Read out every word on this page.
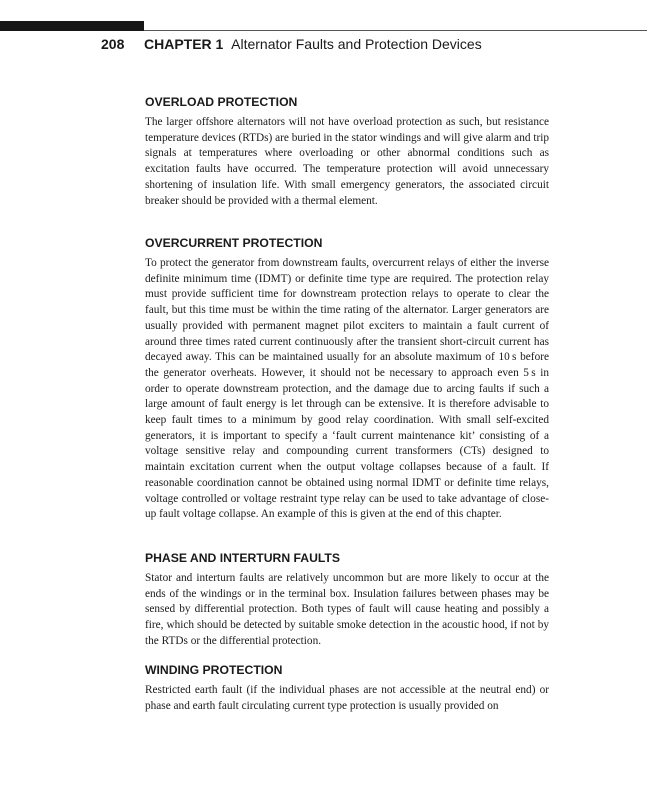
208 CHAPTER 1 Alternator Faults and Protection Devices
OVERLOAD PROTECTION

The larger offshore alternators will not have overload protection as such, but resistance temperature devices (RTDs) are buried in the stator windings and will give alarm and trip signals at temperatures where overloading or other abnormal conditions such as excitation faults have occurred. The temperature protection will avoid unnecessary shortening of insulation life. With small emergency generators, the associated circuit breaker should be provided with a thermal element.

OVERCURRENT PROTECTION

To protect the generator from downstream faults, overcurrent relays of either the inverse definite minimum time (IDMT) or definite time type are required. The protection relay must provide sufficient time for downstream protection relays to operate to clear the fault, but this time must be within the time rating of the alternator. Larger generators are usually provided with permanent magnet pilot exciters to maintain a fault current of around three times rated current continuously after the transient short-circuit current has decayed away. This can be maintained usually for an absolute maximum of 10 s before the generator overheats. However, it should not be necessary to approach even 5 s in order to operate downstream protection, and the damage due to arcing faults if such a large amount of fault energy is let through can be extensive. It is therefore advisable to keep fault times to a minimum by good relay coordination. With small self-excited generators, it is important to specify a ‘fault current maintenance kit’ consisting of a voltage sensitive relay and compounding current transformers (CTs) designed to maintain excitation current when the output voltage collapses because of a fault. If reasonable coordination cannot be obtained using normal IDMT or definite time relays, voltage controlled or voltage restraint type relay can be used to take advantage of close-up fault voltage collapse. An example of this is given at the end of this chapter.

PHASE AND INTERTURN FAULTS

Stator and interturn faults are relatively uncommon but are more likely to occur at the ends of the windings or in the terminal box. Insulation failures between phases may be sensed by differential protection. Both types of fault will cause heating and possibly a fire, which should be detected by suitable smoke detection in the acoustic hood, if not by the RTDs or the differential protection.

WINDING PROTECTION

Restricted earth fault (if the individual phases are not accessible at the neutral end) or phase and earth fault circulating current type protection is usually provided on
